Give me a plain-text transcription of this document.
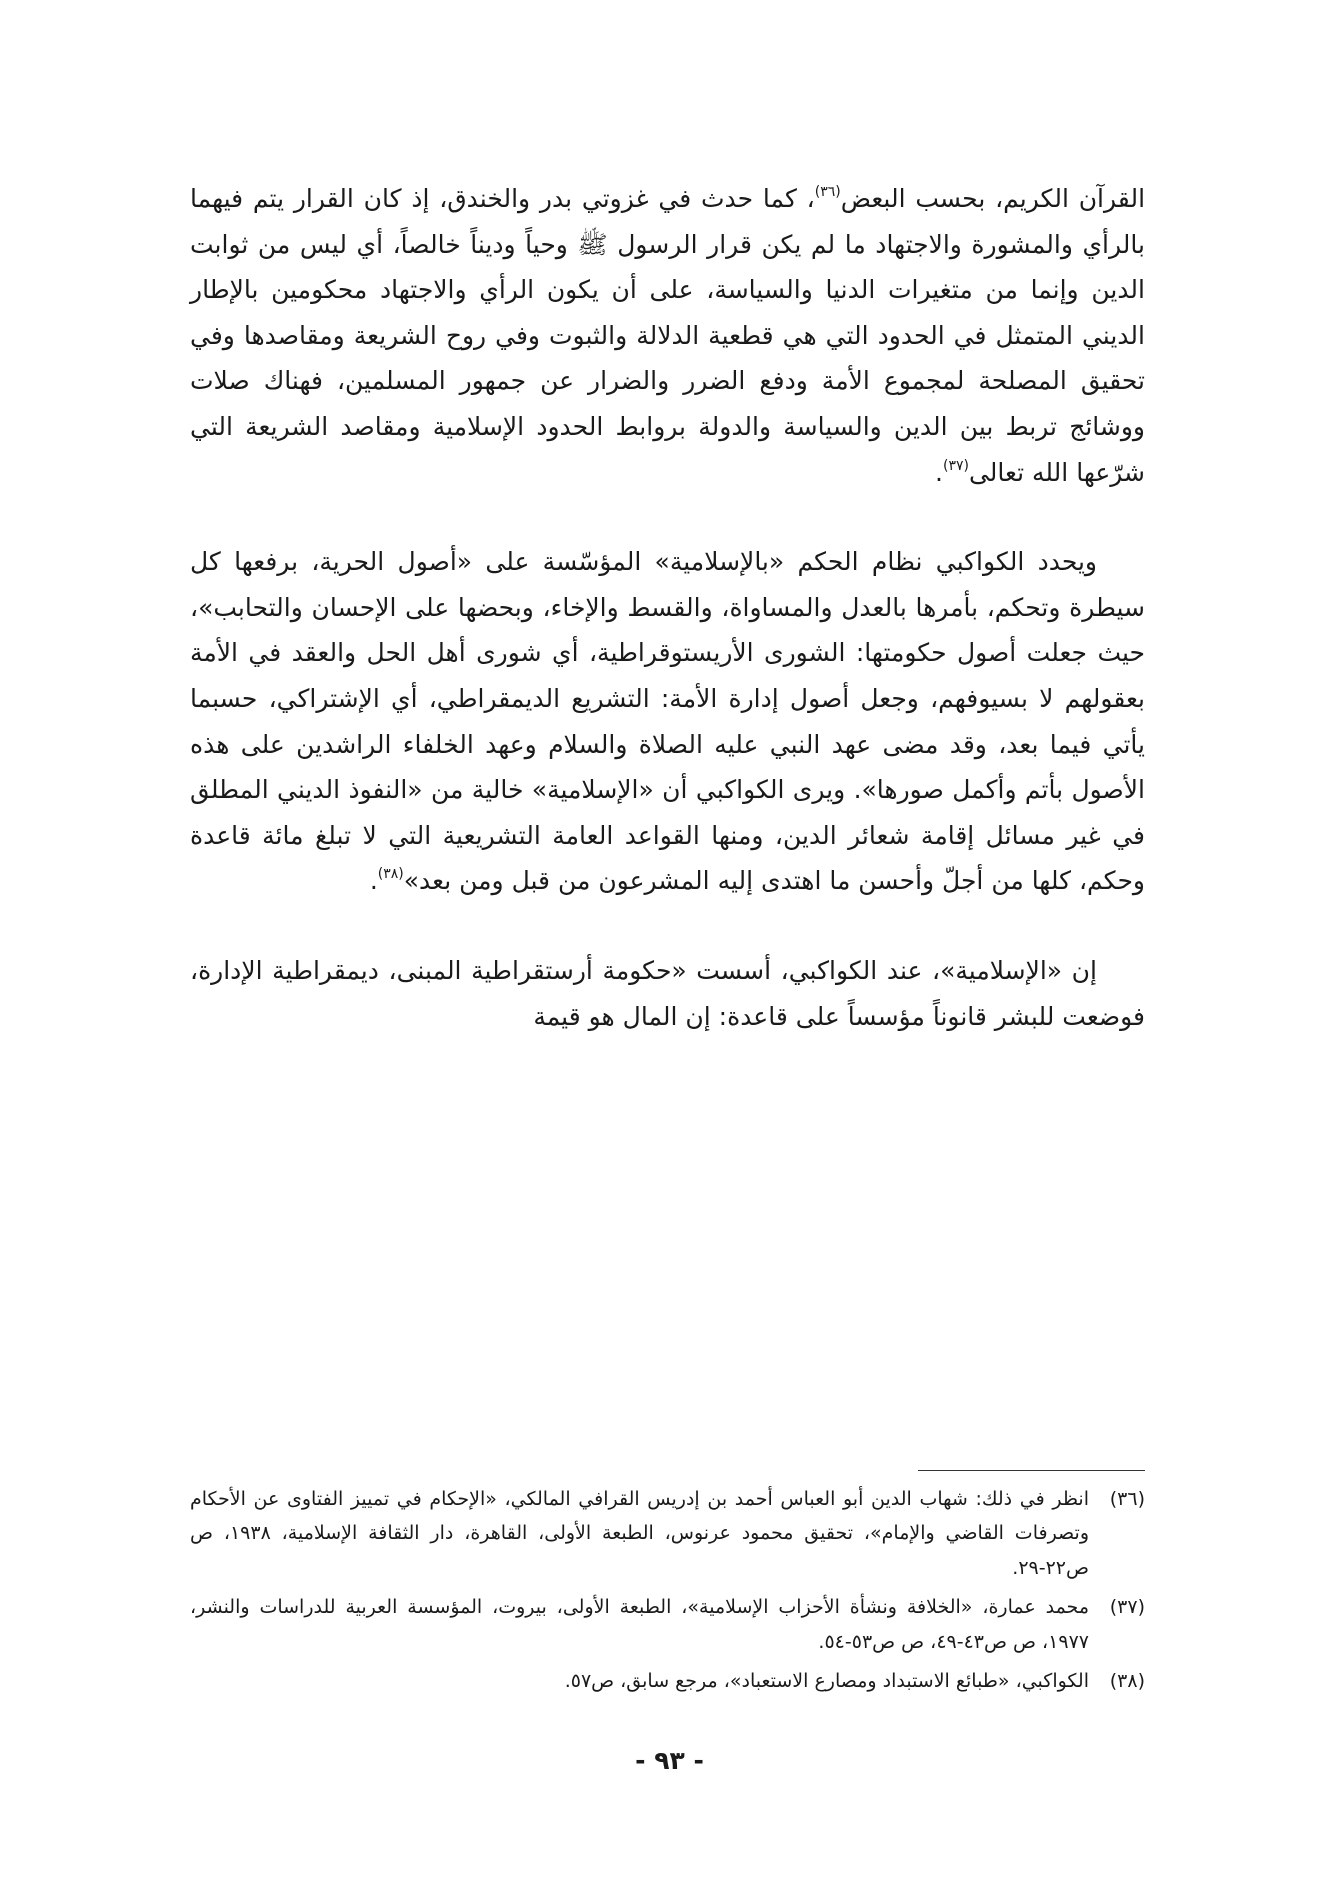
القرآن الكريم، بحسب البعض$^{(٣٦)}$، كما حدث في غزوتي بدر والخندق، إذ كان القرار يتم فيهما بالرأي والمشورة والاجتهاد ما لم يكن قرار الرسول ﷺ وحياً وديناً خالصاً، أي ليس من ثوابت الدين وإنما من متغيرات الدنيا والسياسة، على أن يكون الرأي والاجتهاد محكومين بالإطار الديني المتمثل في الحدود التي هي قطعية الدلالة والثبوت وفي روح الشريعة ومقاصدها وفي تحقيق المصلحة لمجموع الأمة ودفع الضرر والضرار عن جمهور المسلمين، فهناك صلات ووشائج تربط بين الدين والسياسة والدولة بروابط الحدود الإسلامية ومقاصد الشريعة التي شرّعها الله تعالى$^{(٣٧)}$.

ويحدد الكواكبي نظام الحكم «بالإسلامية» المؤسّسة على «أصول الحرية، برفعها كل سيطرة وتحكم، بأمرها بالعدل والمساواة، والقسط والإخاء، وبحضها على الإحسان والتحابب»، حيث جعلت أصول حكومتها: الشورى الأريستوقراطية، أي شورى أهل الحل والعقد في الأمة بعقولهم لا بسيوفهم، وجعل أصول إدارة الأمة: التشريع الديمقراطي، أي الإشتراكي، حسبما يأتي فيما بعد، وقد مضى عهد النبي عليه الصلاة والسلام وعهد الخلفاء الراشدين على هذه الأصول بأتم وأكمل صورها». ويرى الكواكبي أن «الإسلامية» خالية من «النفوذ الديني المطلق في غير مسائل إقامة شعائر الدين، ومنها القواعد العامة التشريعية التي لا تبلغ مائة قاعدة وحكم، كلها من أجلّ وأحسن ما اهتدى إليه المشرعون من قبل ومن بعد»$^{(٣٨)}$.

إن «الإسلامية»، عند الكواكبي، أسست «حكومة أرستقراطية المبنى، ديمقراطية الإدارة، فوضعت للبشر قانوناً مؤسساً على قاعدة: إن المال هو قيمة

(٣٦)
انظر في ذلك: شهاب الدين أبو العباس أحمد بن إدريس القرافي المالكي، «الإحكام في تمييز الفتاوى عن الأحكام وتصرفات القاضي والإمام»، تحقيق محمود عرنوس، الطبعة الأولى، القاهرة، دار الثقافة الإسلامية، ١٩٣٨، ص ص٢٢-٢٩.

(٣٧)
محمد عمارة، «الخلافة ونشأة الأحزاب الإسلامية»، الطبعة الأولى، بيروت، المؤسسة العربية للدراسات والنشر، ١٩٧٧، ص ص٤٣-٤٩، ص ص٥٣-٥٤.

(٣٨)
الكواكبي، «طبائع الاستبداد ومصارع الاستعباد»، مرجع سابق، ص٥٧.

- ٩٣ -
